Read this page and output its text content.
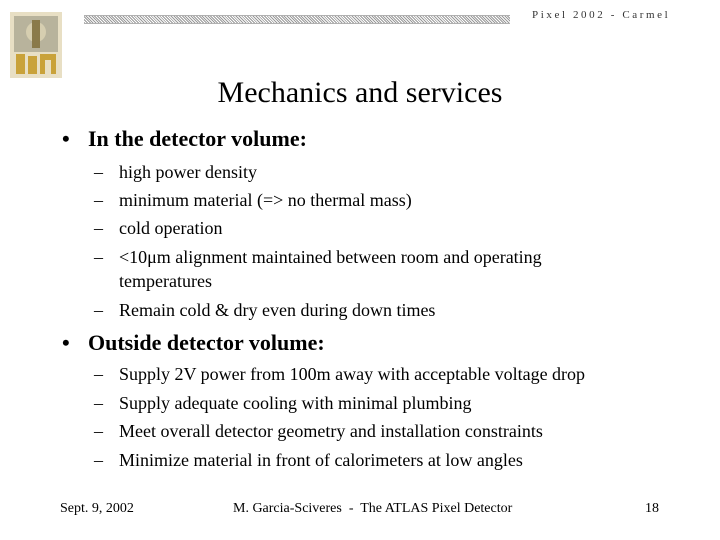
Pixel 2002 - Carmel
Mechanics and services
• In the detector volume:
– high power density
– minimum material (=> no thermal mass)
– cold operation
– <10μm alignment maintained between room and operating
temperatures
– Remain cold & dry even during down times
• Outside detector volume:
– Supply 2V power from 100m away with acceptable voltage drop
– Supply adequate cooling with minimal plumbing
– Meet overall detector geometry and installation constraints
– Minimize material in front of calorimeters at low angles
Sept. 9, 2002	M. Garcia-Sciveres  -  The ATLAS Pixel Detector	18
